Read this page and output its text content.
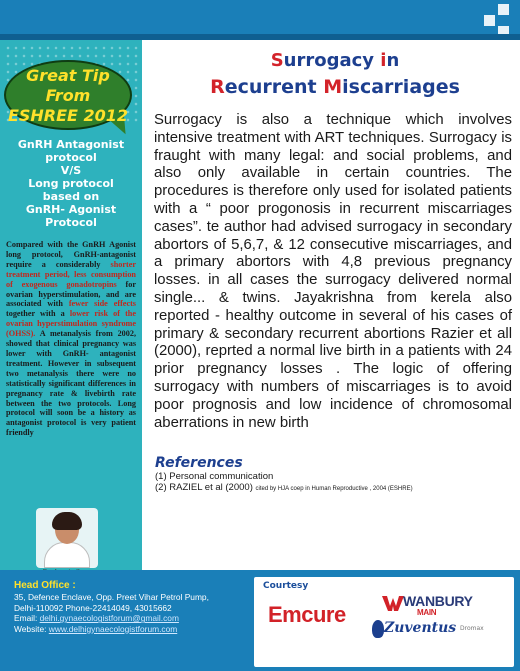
Great Tip From
ESHREE 2012
GnRH Antagonist
protocol
V/S
Long protocol
based on
GnRH- Agonist
Protocol
Compared with the GnRH Agonist long protocol, GnRH-antagonist require a considerably shorter treatment period, less consumption of exogenous gonadotropins for ovarian hyperstimulation, and are associated with fewer side effects together with a lower risk of the ovarian hyperstimulation syndrome (OHSS). A metanalysis from 2002, showed that clinical pregnancy was lower with GnRH- antagonist treatment. However in subsequent two metanalysis there were no statistically significant differences in pregnancy rate & livebirth rate between the two protocols. Long protocol will soon be a history as antagonist protocol is very patient friendly
Surrogacy in
Recurrent Miscarriages
Surrogacy is also a technique which involves intensive treatment with ART techniques. Surrogacy is fraught with many legal: and social problems, and also only available in certain countries. The procedures is therefore only used for isolated patients with a “ poor progonosis in recurrent miscarriages cases”. te author had advised surrogacy in secondary abortors of 5,6,7, & 12 consecutive miscarriages, and a primary abortors with 4,8 previous pregnancy losses. in all cases the surrogacy delivered normal single... & twins. Jayakrishna from kerela also reported - healthy outcome in several of his cases of primary & secondary recurrent abortions Razier et all (2000), reprted a normal live birth in a patients with 24 prior pregnancy losses . The logic of offering surrogacy with numbers of miscarriages is to avoid poor prognosis and low incidence of chromosomal aberrations in new birth
References
(1) Personal communication
(2) RAZIEL et al (2000) cited by HJA coep in Human Reproductive , 2004 (ESHRE)
Head Office :
35, Defence Enclave, Opp. Preet Vihar Petrol Pump,
Delhi-110092 Phone-22414049, 43015662
Email: delhi.gynaecologistforum@gmail.com
Website: www.delhigynaecologistforum.com
Courtesy
Emcure
WANBURY
MAIN
Zuventus Dromax
